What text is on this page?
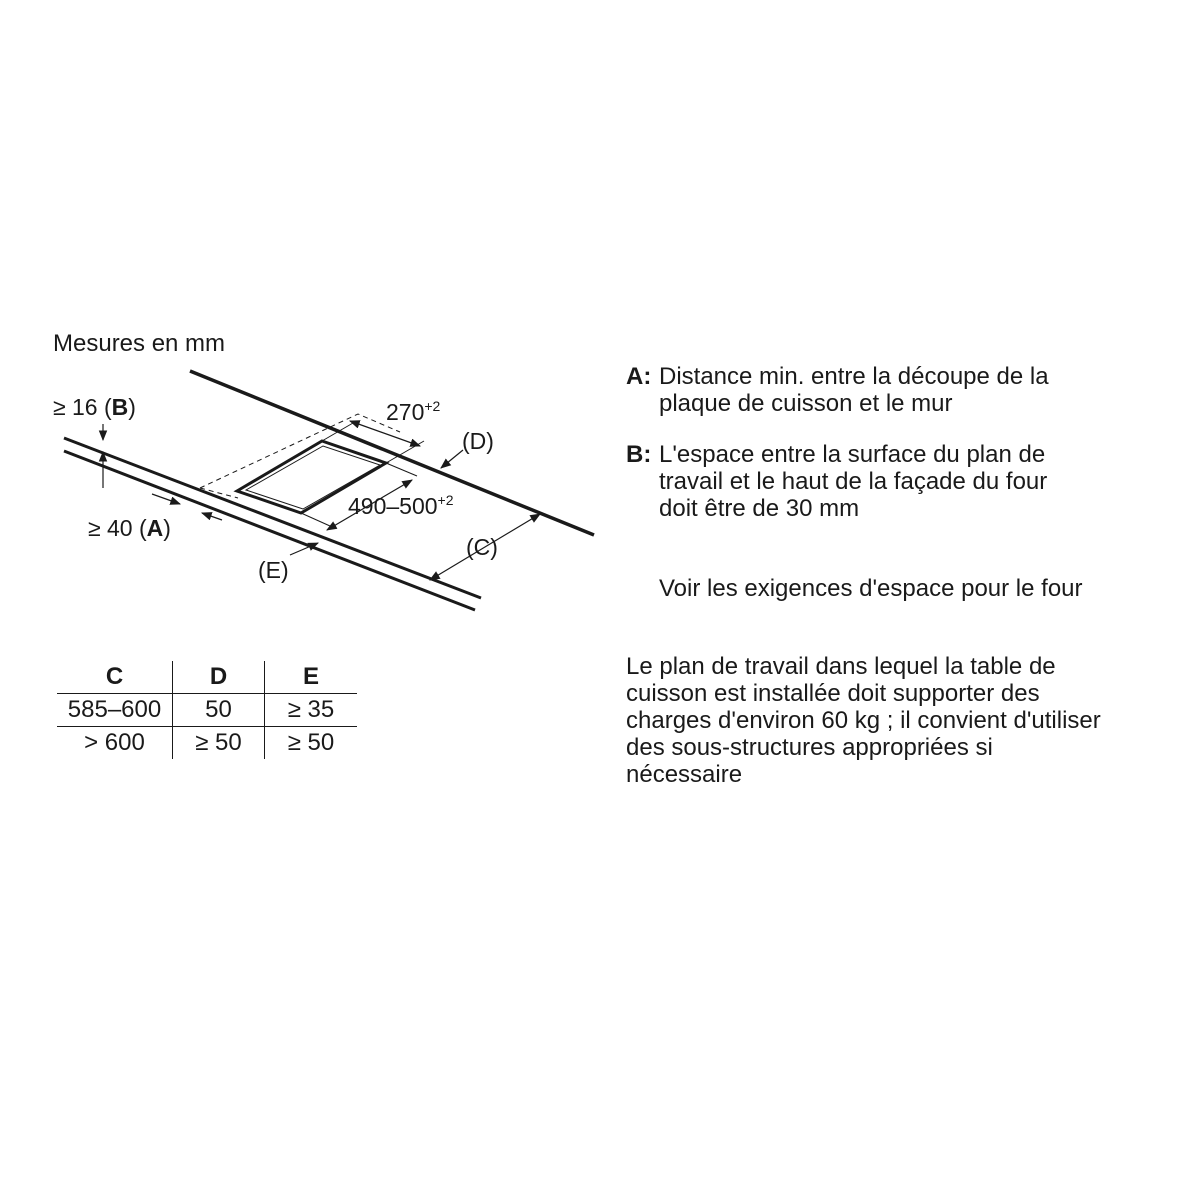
Mesures en mm
≥ 16 (B)
≥ 40 (A)
$270^{+2}$
$490-500^{+2}$
(D)
(C)
(E)
C	D	E
585–600	50	≥ 35
> 600	≥ 50	≥ 50
A: Distance min. entre la découpe de la
plaque de cuisson et le mur
B: L'espace entre la surface du plan de
travail et le haut de la façade du four
doit être de 30 mm
Voir les exigences d'espace pour le four
Le plan de travail dans lequel la table de
cuisson est installée doit supporter des
charges d'environ 60 kg ; il convient d'utiliser
des sous-structures appropriées si
nécessaire
